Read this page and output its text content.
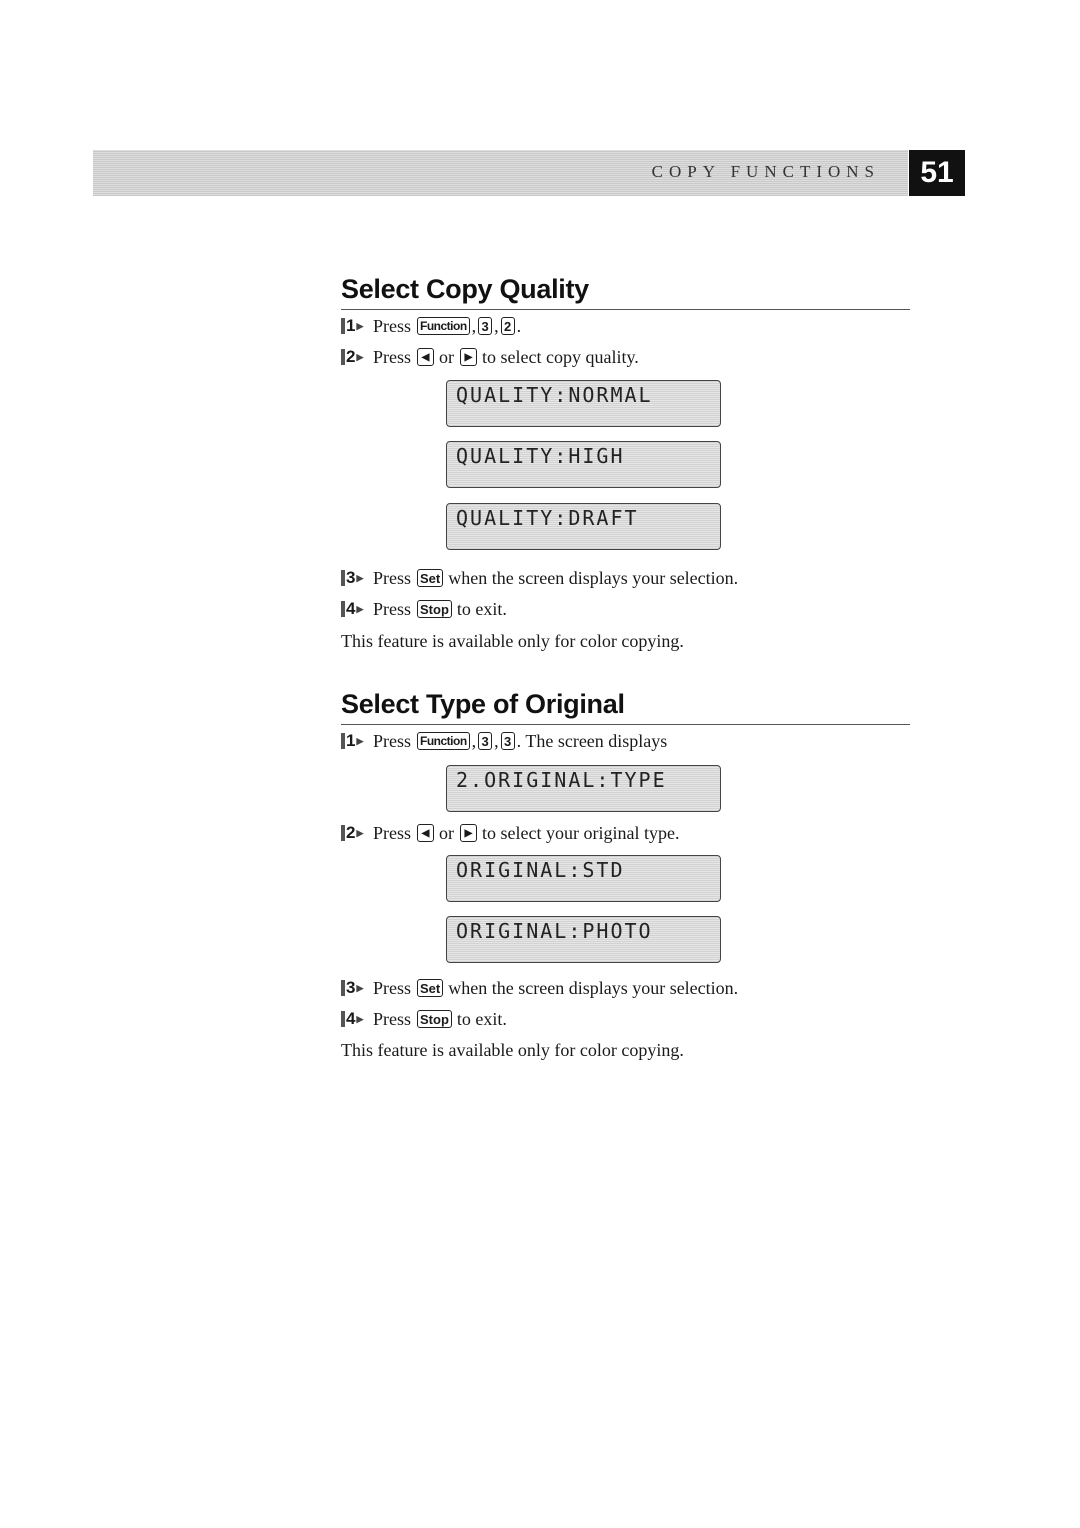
COPY FUNCTIONS	51
Select Copy Quality
1 ▶ Press Function , 3 , 2 .
2 ▶ Press	◀ or	▶ to select copy quality.
QUALITY:NORMAL
QUALITY:HIGH
QUALITY:DRAFT
3 ▶ Press Set when the screen displays your selection.
4 ▶ Press Stop to exit.
This feature is available only for color copying.
Select Type of Original
1 ▶ Press Function , 3 , 3 . The screen displays
2.ORIGINAL:TYPE
2 ▶ Press	◀ or	▶ to select your original type.
ORIGINAL:STD
ORIGINAL:PHOTO
3 ▶ Press Set when the screen displays your selection.
4 ▶ Press Stop to exit.
This feature is available only for color copying.
